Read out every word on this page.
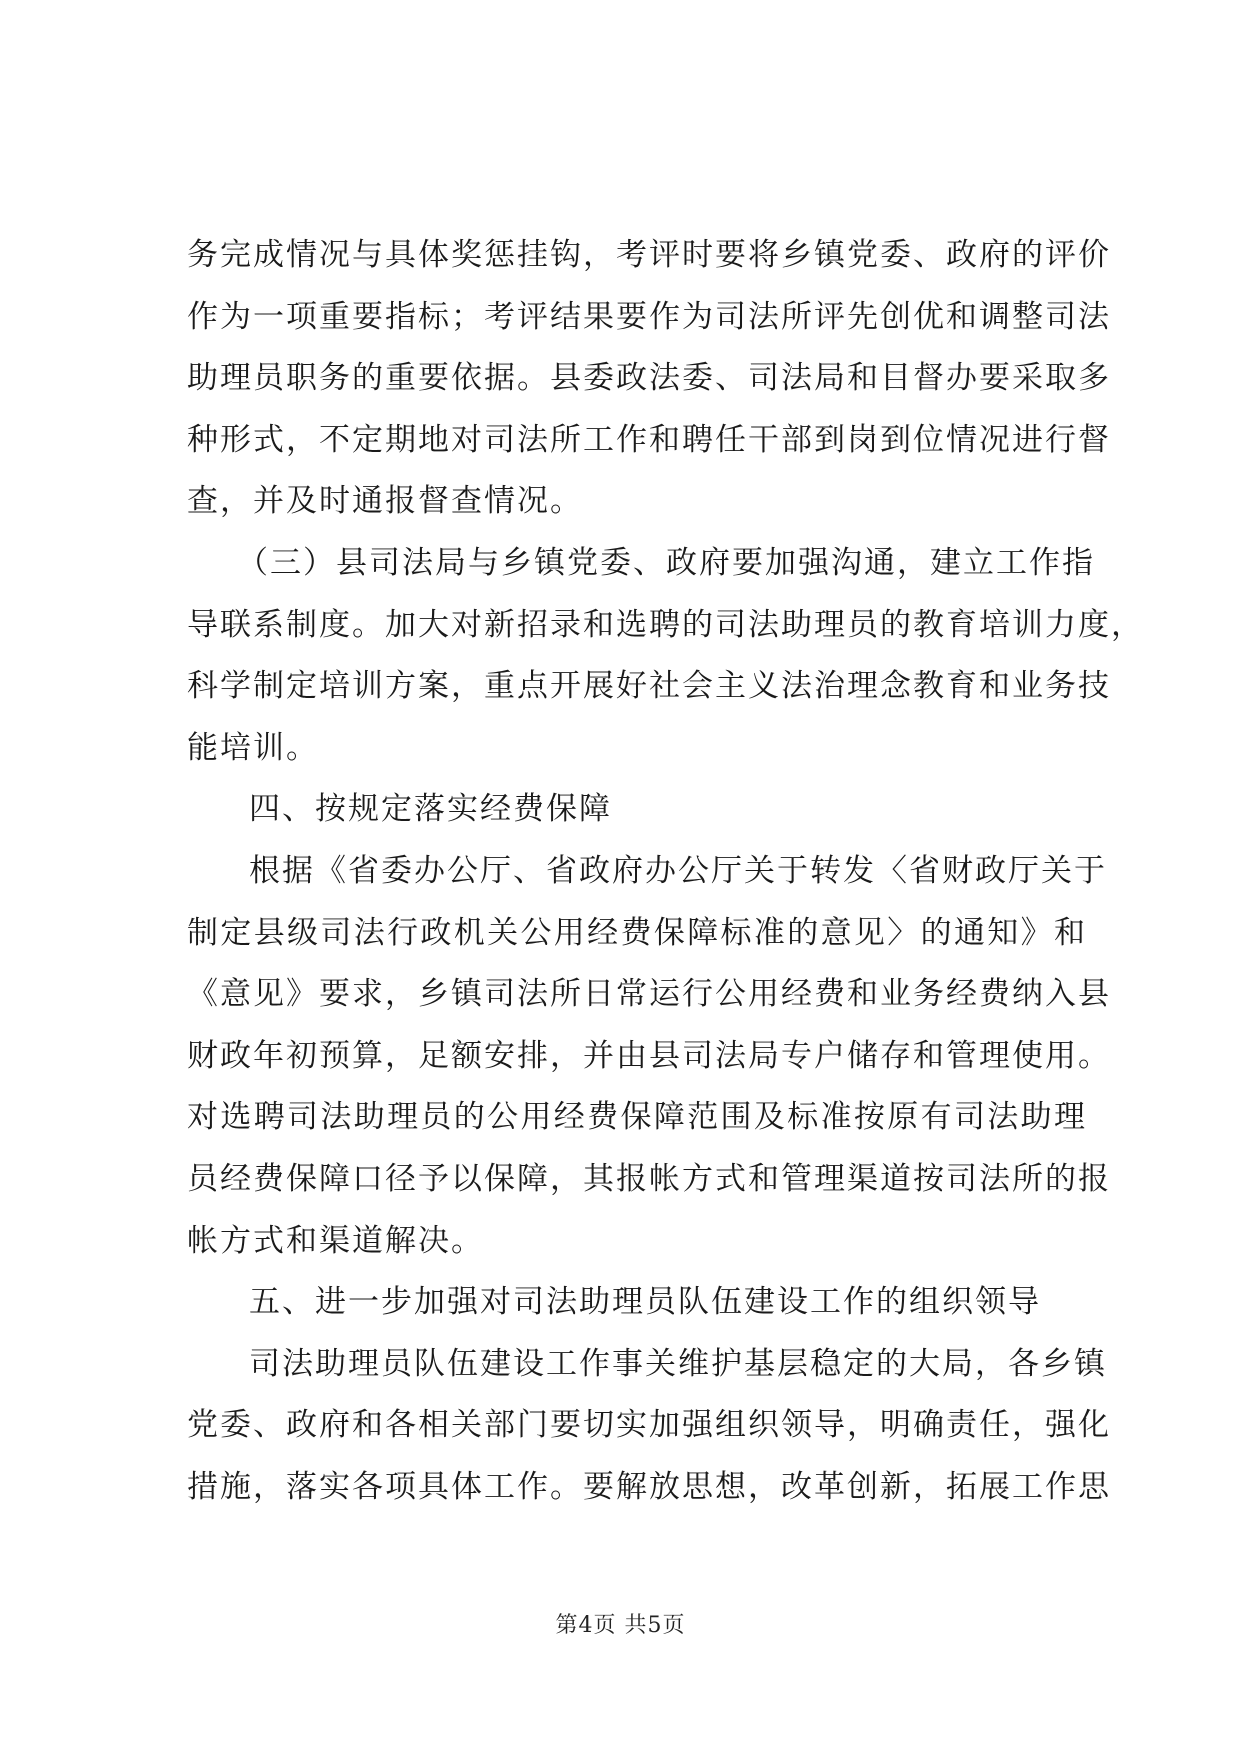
务完成情况与具体奖惩挂钩，考评时要将乡镇党委、政府的评价
作为一项重要指标；考评结果要作为司法所评先创优和调整司法
助理员职务的重要依据。县委政法委、司法局和目督办要采取多
种形式，不定期地对司法所工作和聘任干部到岗到位情况进行督
查，并及时通报督查情况。
（三）县司法局与乡镇党委、政府要加强沟通，建立工作指
导联系制度。加大对新招录和选聘的司法助理员的教育培训力度，
科学制定培训方案，重点开展好社会主义法治理念教育和业务技
能培训。
四、按规定落实经费保障
根据《省委办公厅、省政府办公厅关于转发〈省财政厅关于
制定县级司法行政机关公用经费保障标准的意见〉的通知》和
《意见》要求，乡镇司法所日常运行公用经费和业务经费纳入县
财政年初预算，足额安排，并由县司法局专户储存和管理使用。
对选聘司法助理员的公用经费保障范围及标准按原有司法助理
员经费保障口径予以保障，其报帐方式和管理渠道按司法所的报
帐方式和渠道解决。
五、进一步加强对司法助理员队伍建设工作的组织领导
司法助理员队伍建设工作事关维护基层稳定的大局，各乡镇
党委、政府和各相关部门要切实加强组织领导，明确责任，强化
措施，落实各项具体工作。要解放思想，改革创新，拓展工作思
第4页 共5页
